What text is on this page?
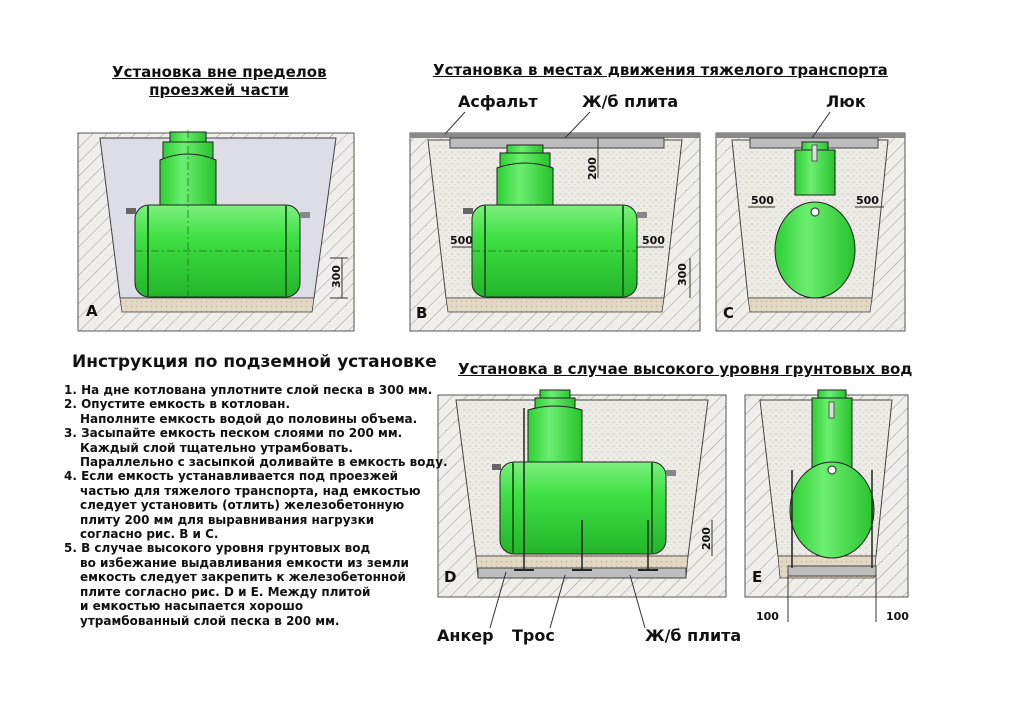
Установка вне пределов
проезжей части
Установка в местах движения тяжелого транспорта
Установка в случае высокого уровня грунтовых вод
Асфальт	Ж/б плита	Люк
Анкер Трос	Ж/б плита
A	B	C
D	E
300
200
500	500
300
500	500
200
100	100
Инструкция по подземной установке
1. На дне котлована уплотните слой песка в 300 мм.
2. Опустите емкость в котлован.
Наполните емкость водой до половины объема.
3. Засыпайте емкость песком слоями по 200 мм.
Каждый слой тщательно утрамбовать.
Параллельно с засыпкой доливайте в емкость воду.
4. Если емкость устанавливается под проезжей
частью для тяжелого транспорта, над емкостью
следует установить (отлить) железобетонную
плиту 200 мм для выравнивания нагрузки
согласно рис. В и С.
5. В случае высокого уровня грунтовых вод
во избежание выдавливания емкости из земли
емкость следует закрепить к железобетонной
плите согласно рис. D и E. Между плитой
и емкостью насыпается хорошо
утрамбованный слой песка в 200 мм.
